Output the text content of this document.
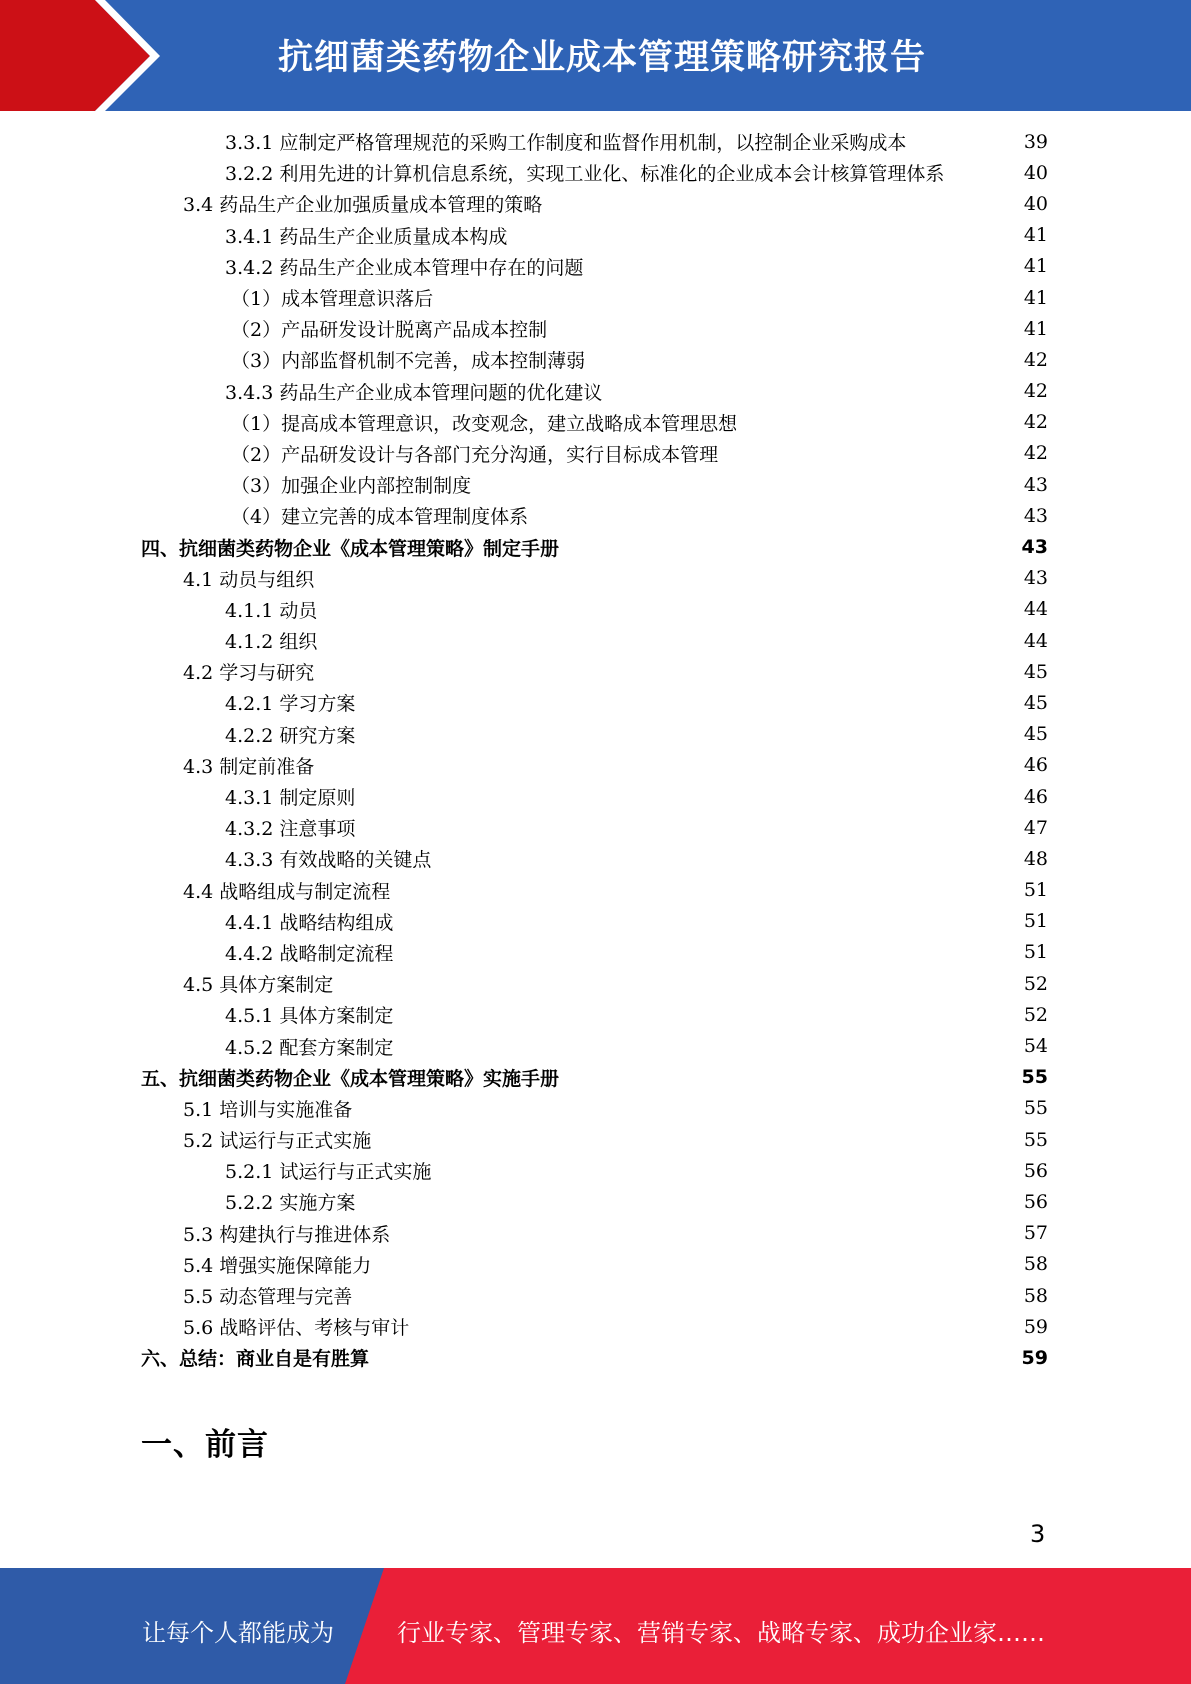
抗细菌类药物企业成本管理策略研究报告
3.3.1 应制定严格管理规范的采购工作制度和监督作用机制，以控制企业采购成本	39
3.2.2 利用先进的计算机信息系统，实现工业化、标准化的企业成本会计核算管理体系	40
3.4 药品生产企业加强质量成本管理的策略	40
3.4.1 药品生产企业质量成本构成	41
3.4.2 药品生产企业成本管理中存在的问题	41
（1）成本管理意识落后	41
（2）产品研发设计脱离产品成本控制	41
（3）内部监督机制不完善，成本控制薄弱	42
3.4.3 药品生产企业成本管理问题的优化建议	42
（1）提高成本管理意识，改变观念，建立战略成本管理思想	42
（2）产品研发设计与各部门充分沟通，实行目标成本管理	42
（3）加强企业内部控制制度	43
（4）建立完善的成本管理制度体系	43
四、抗细菌类药物企业《成本管理策略》制定手册	43
4.1 动员与组织	43
4.1.1 动员	44
4.1.2 组织	44
4.2 学习与研究	45
4.2.1 学习方案	45
4.2.2 研究方案	45
4.3 制定前准备	46
4.3.1 制定原则	46
4.3.2 注意事项	47
4.3.3 有效战略的关键点	48
4.4 战略组成与制定流程	51
4.4.1 战略结构组成	51
4.4.2 战略制定流程	51
4.5 具体方案制定	52
4.5.1 具体方案制定	52
4.5.2 配套方案制定	54
五、抗细菌类药物企业《成本管理策略》实施手册	55
5.1 培训与实施准备	55
5.2 试运行与正式实施	55
5.2.1 试运行与正式实施	56
5.2.2 实施方案	56
5.3 构建执行与推进体系	57
5.4 增强实施保障能力	58
5.5 动态管理与完善	58
5.6 战略评估、考核与审计	59
六、总结：商业自是有胜算	59
一、前言
3
让每个人都能成为	行业专家、管理专家、营销专家、战略专家、成功企业家……
